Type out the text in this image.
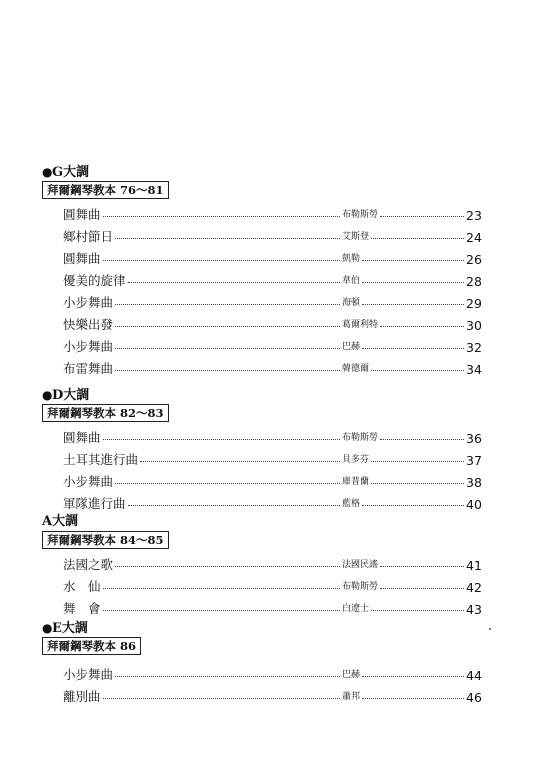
●G大調
拜爾鋼琴教本 76～81
圓舞曲	布勒斯勞	23
鄉村節日	艾斯登	24
圓舞曲	凱勒	26
優美的旋律	韋伯	28
小步舞曲	海頓	29
快樂出發	葛爾利特	30
小步舞曲	巴赫	32
布雷舞曲	韓德爾	34
●D大調
拜爾鋼琴教本 82～83
圓舞曲	布勒斯勞	36
土耳其進行曲	貝多芬	37
小步舞曲	庫普蘭	38
軍隊進行曲	藍格	40
A大調
拜爾鋼琴教本 84～85
法國之歌	法國民謠	41
水　仙	布勒斯勞	42
舞　會	白遼士	43
●E大調
拜爾鋼琴教本 86
小步舞曲	巴赫	44
離別曲	蕭邦	46
